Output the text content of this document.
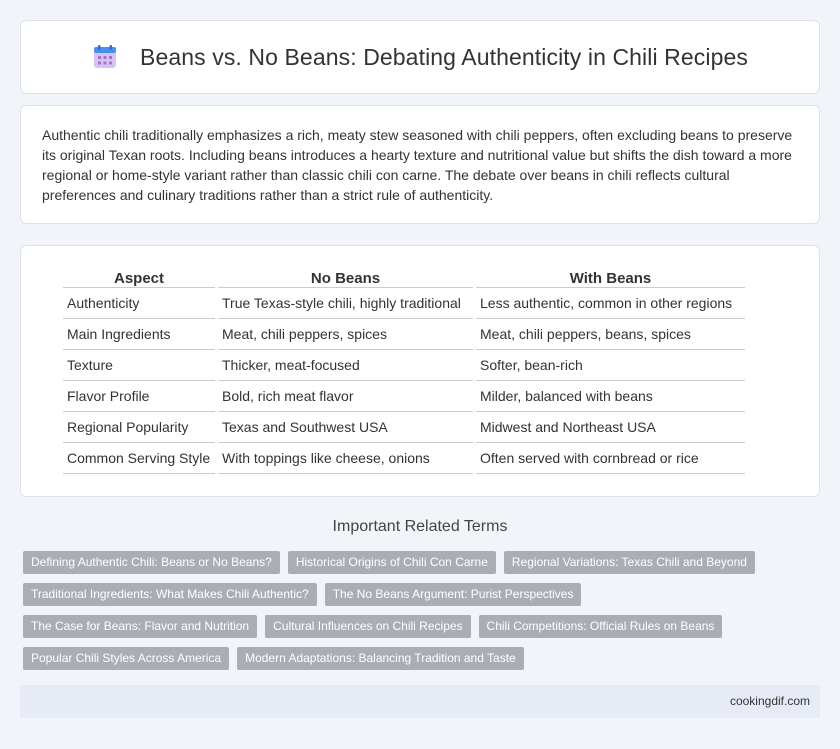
Beans vs. No Beans: Debating Authenticity in Chili Recipes

Authentic chili traditionally emphasizes a rich, meaty stew seasoned with chili peppers, often excluding beans to preserve its original Texan roots. Including beans introduces a hearty texture and nutritional value but shifts the dish toward a more regional or home-style variant rather than classic chili con carne. The debate over beans in chili reflects cultural preferences and culinary traditions rather than a strict rule of authenticity.

Aspect	No Beans	With Beans
Authenticity	True Texas-style chili, highly traditional	Less authentic, common in other regions
Main Ingredients	Meat, chili peppers, spices	Meat, chili peppers, beans, spices
Texture	Thicker, meat-focused	Softer, bean-rich
Flavor Profile	Bold, rich meat flavor	Milder, balanced with beans
Regional Popularity	Texas and Southwest USA	Midwest and Northeast USA
Common Serving Style	With toppings like cheese, onions	Often served with cornbread or rice
Important Related Terms
Defining Authentic Chili: Beans or No Beans?	Historical Origins of Chili Con Carne	Regional Variations: Texas Chili and Beyond
Traditional Ingredients: What Makes Chili Authentic?	The No Beans Argument: Purist Perspectives
The Case for Beans: Flavor and Nutrition	Cultural Influences on Chili Recipes	Chili Competitions: Official Rules on Beans
Popular Chili Styles Across America	Modern Adaptations: Balancing Tradition and Taste
cookingdif.com
